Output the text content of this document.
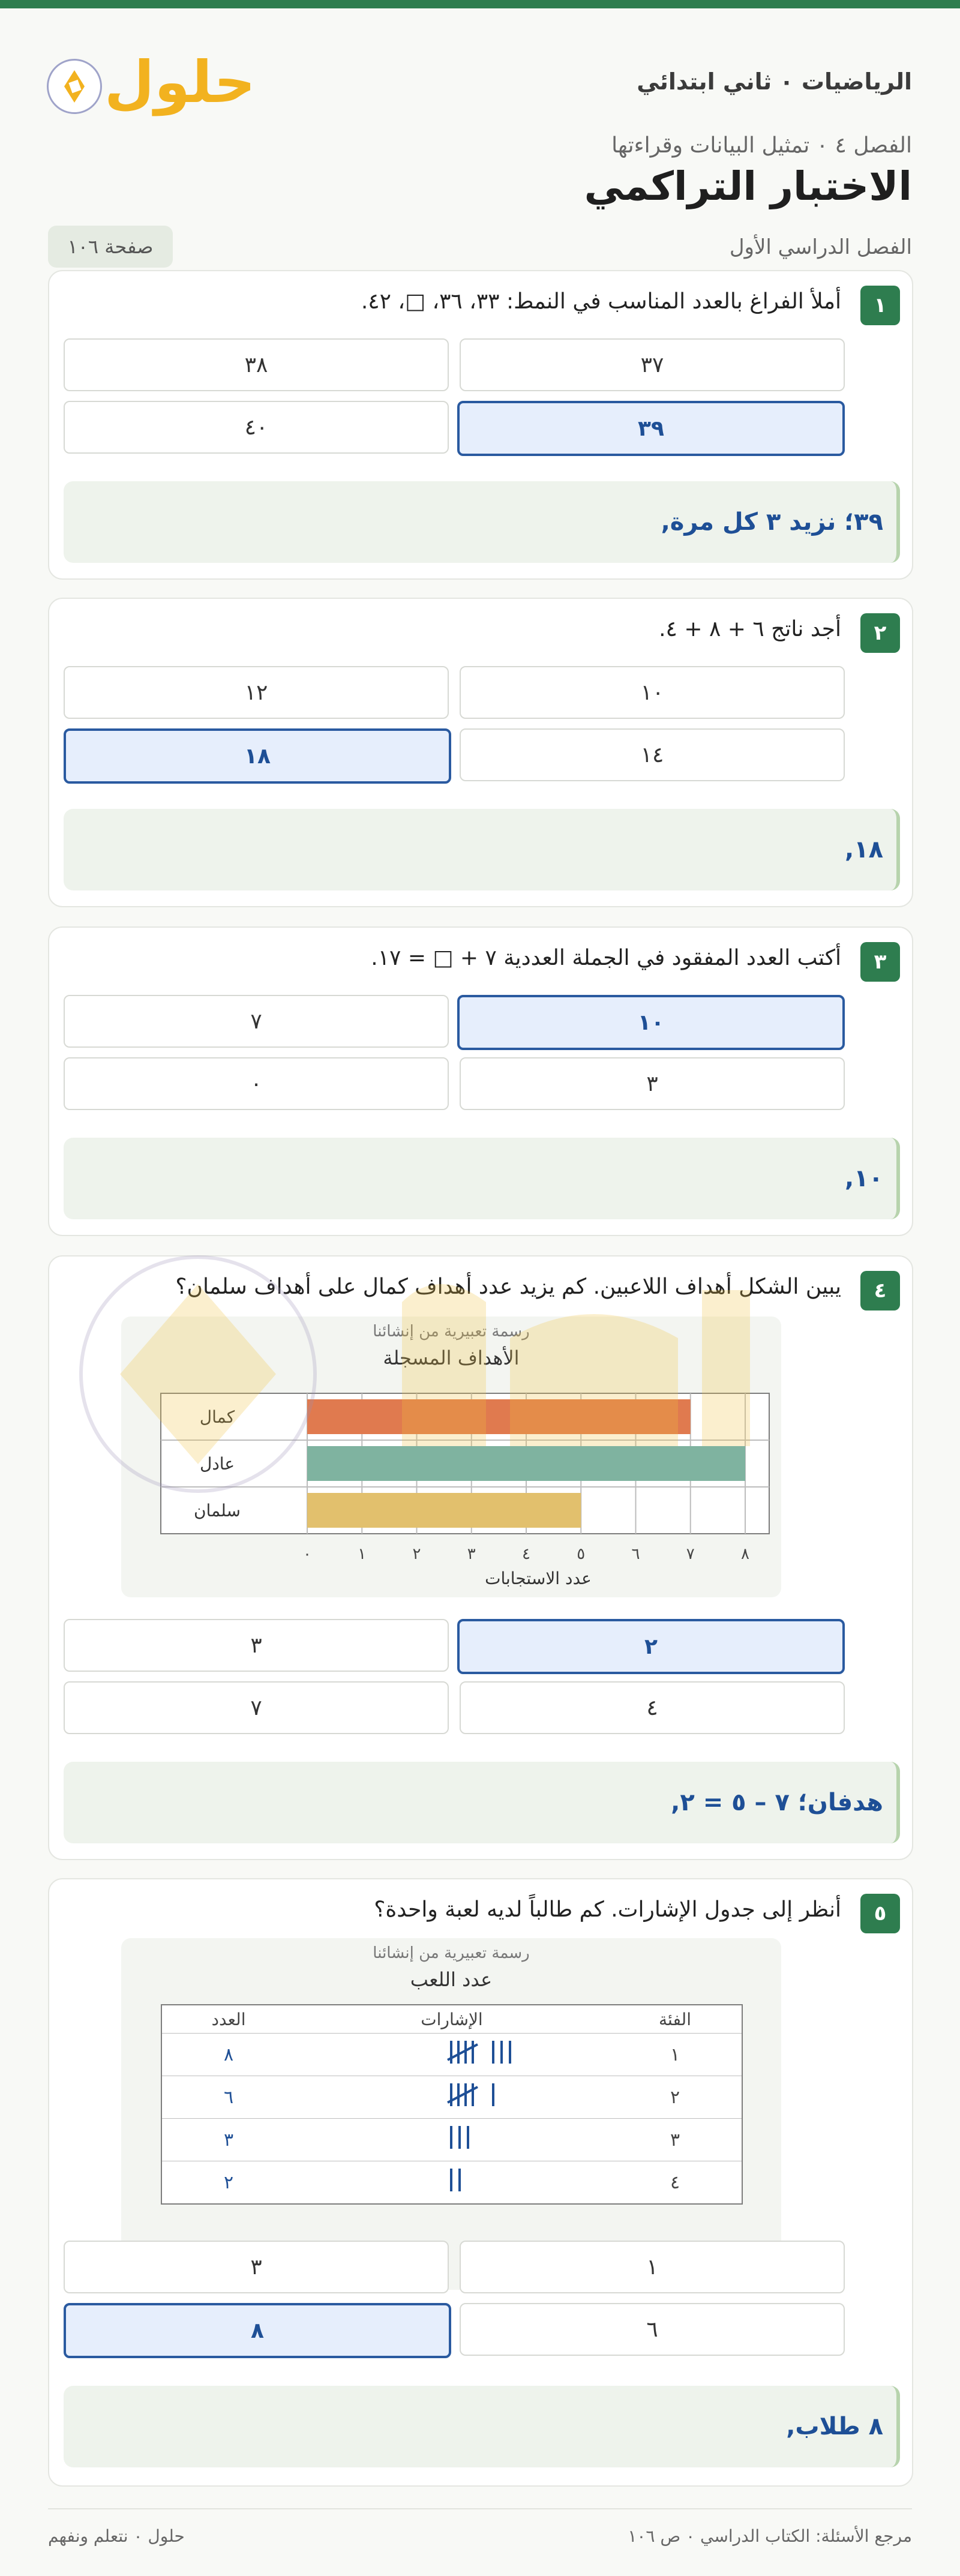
الرياضيات ٠ ثاني ابتدائي
حلول
الفصل ٤ ٠ تمثيل البيانات وقراءتها
الاختبار التراكمي
الفصل الدراسي الأول
صفحة ١٠٦
١
أملأ الفراغ بالعدد المناسب في النمط: ٣٣، ٣٦، □، ٤٢.
٣٧
٣٨
٣٩
٤٠
٣٩؛ نزيد ٣ كل مرة,
٢
أجد ناتج ٦ + ٨ + ٤.
١٠
١٢
١٤
١٨
١٨,
٣
أكتب العدد المفقود في الجملة العددية ٧ + □ = ١٧.
١٠
٧
٣
٠
١٠,
٤
يبين الشكل أهداف اللاعبين. كم يزيد عدد أهداف كمال على أهداف سلمان؟
رسمة تعبيرية من إنشائنا
الأهداف المسجلة
كمال
عادل
سلمان
٠	١	٢	٣	٤	٥	٦	٧	٨
عدد الاستجابات
٢
٣
٤
٧
هدفان؛ ٧ – ٥ = ٢,
٥
أنظر إلى جدول الإشارات. كم طالباً لديه لعبة واحدة؟
رسمة تعبيرية من إنشائنا
عدد اللعب
الفئة	الإشارات	العدد
١		٨
٢		٦
٣		٣
٤		٢
١
٣
٦
٨
٨ طلاب,
مرجع الأسئلة: الكتاب الدراسي ٠ ص ١٠٦
حلول ٠ نتعلم ونفهم
